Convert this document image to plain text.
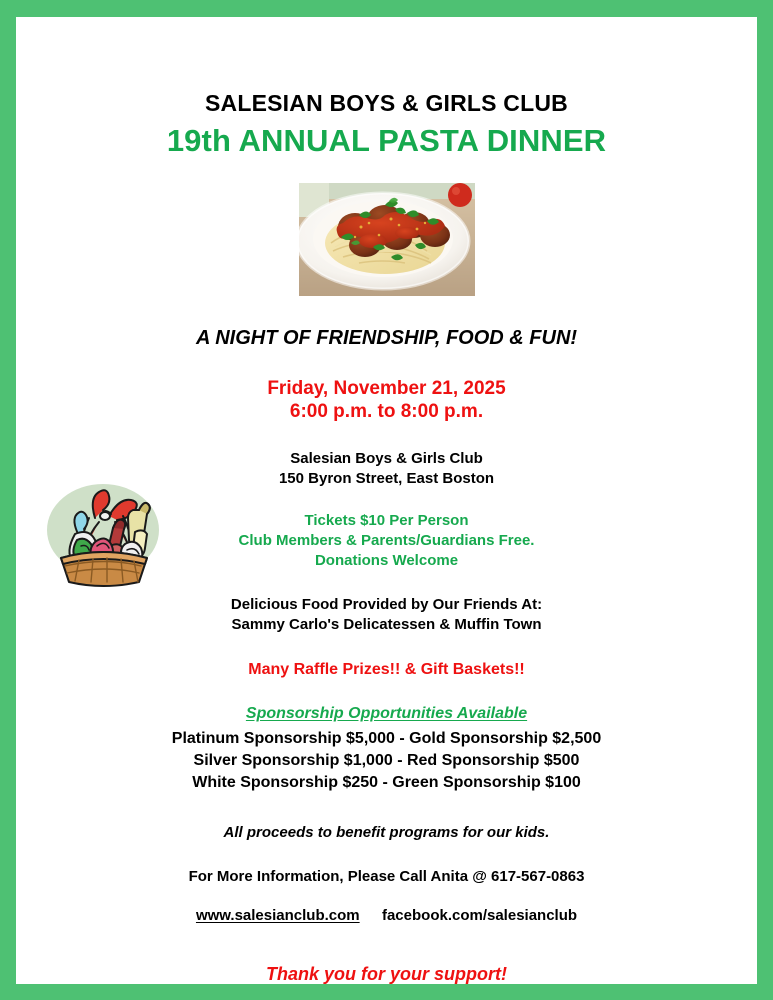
SALESIAN BOYS & GIRLS CLUB
19th ANNUAL PASTA DINNER

A NIGHT OF FRIENDSHIP, FOOD & FUN!

Friday, November 21, 2025
6:00 p.m. to 8:00 p.m.

Salesian Boys & Girls Club
150 Byron Street, East Boston

Tickets $10 Per Person
Club Members & Parents/Guardians Free.
Donations Welcome

Delicious Food Provided by Our Friends At:
Sammy Carlo's Delicatessen & Muffin Town

Many Raffle Prizes!! & Gift Baskets!!

Sponsorship Opportunities Available

Platinum Sponsorship $5,000 - Gold Sponsorship $2,500
Silver Sponsorship $1,000 - Red Sponsorship $500
White Sponsorship $250 - Green Sponsorship $100

All proceeds to benefit programs for our kids.

For More Information, Please Call Anita @ 617-567-0863

www.salesianclub.com facebook.com/salesianclub

Thank you for your support!
